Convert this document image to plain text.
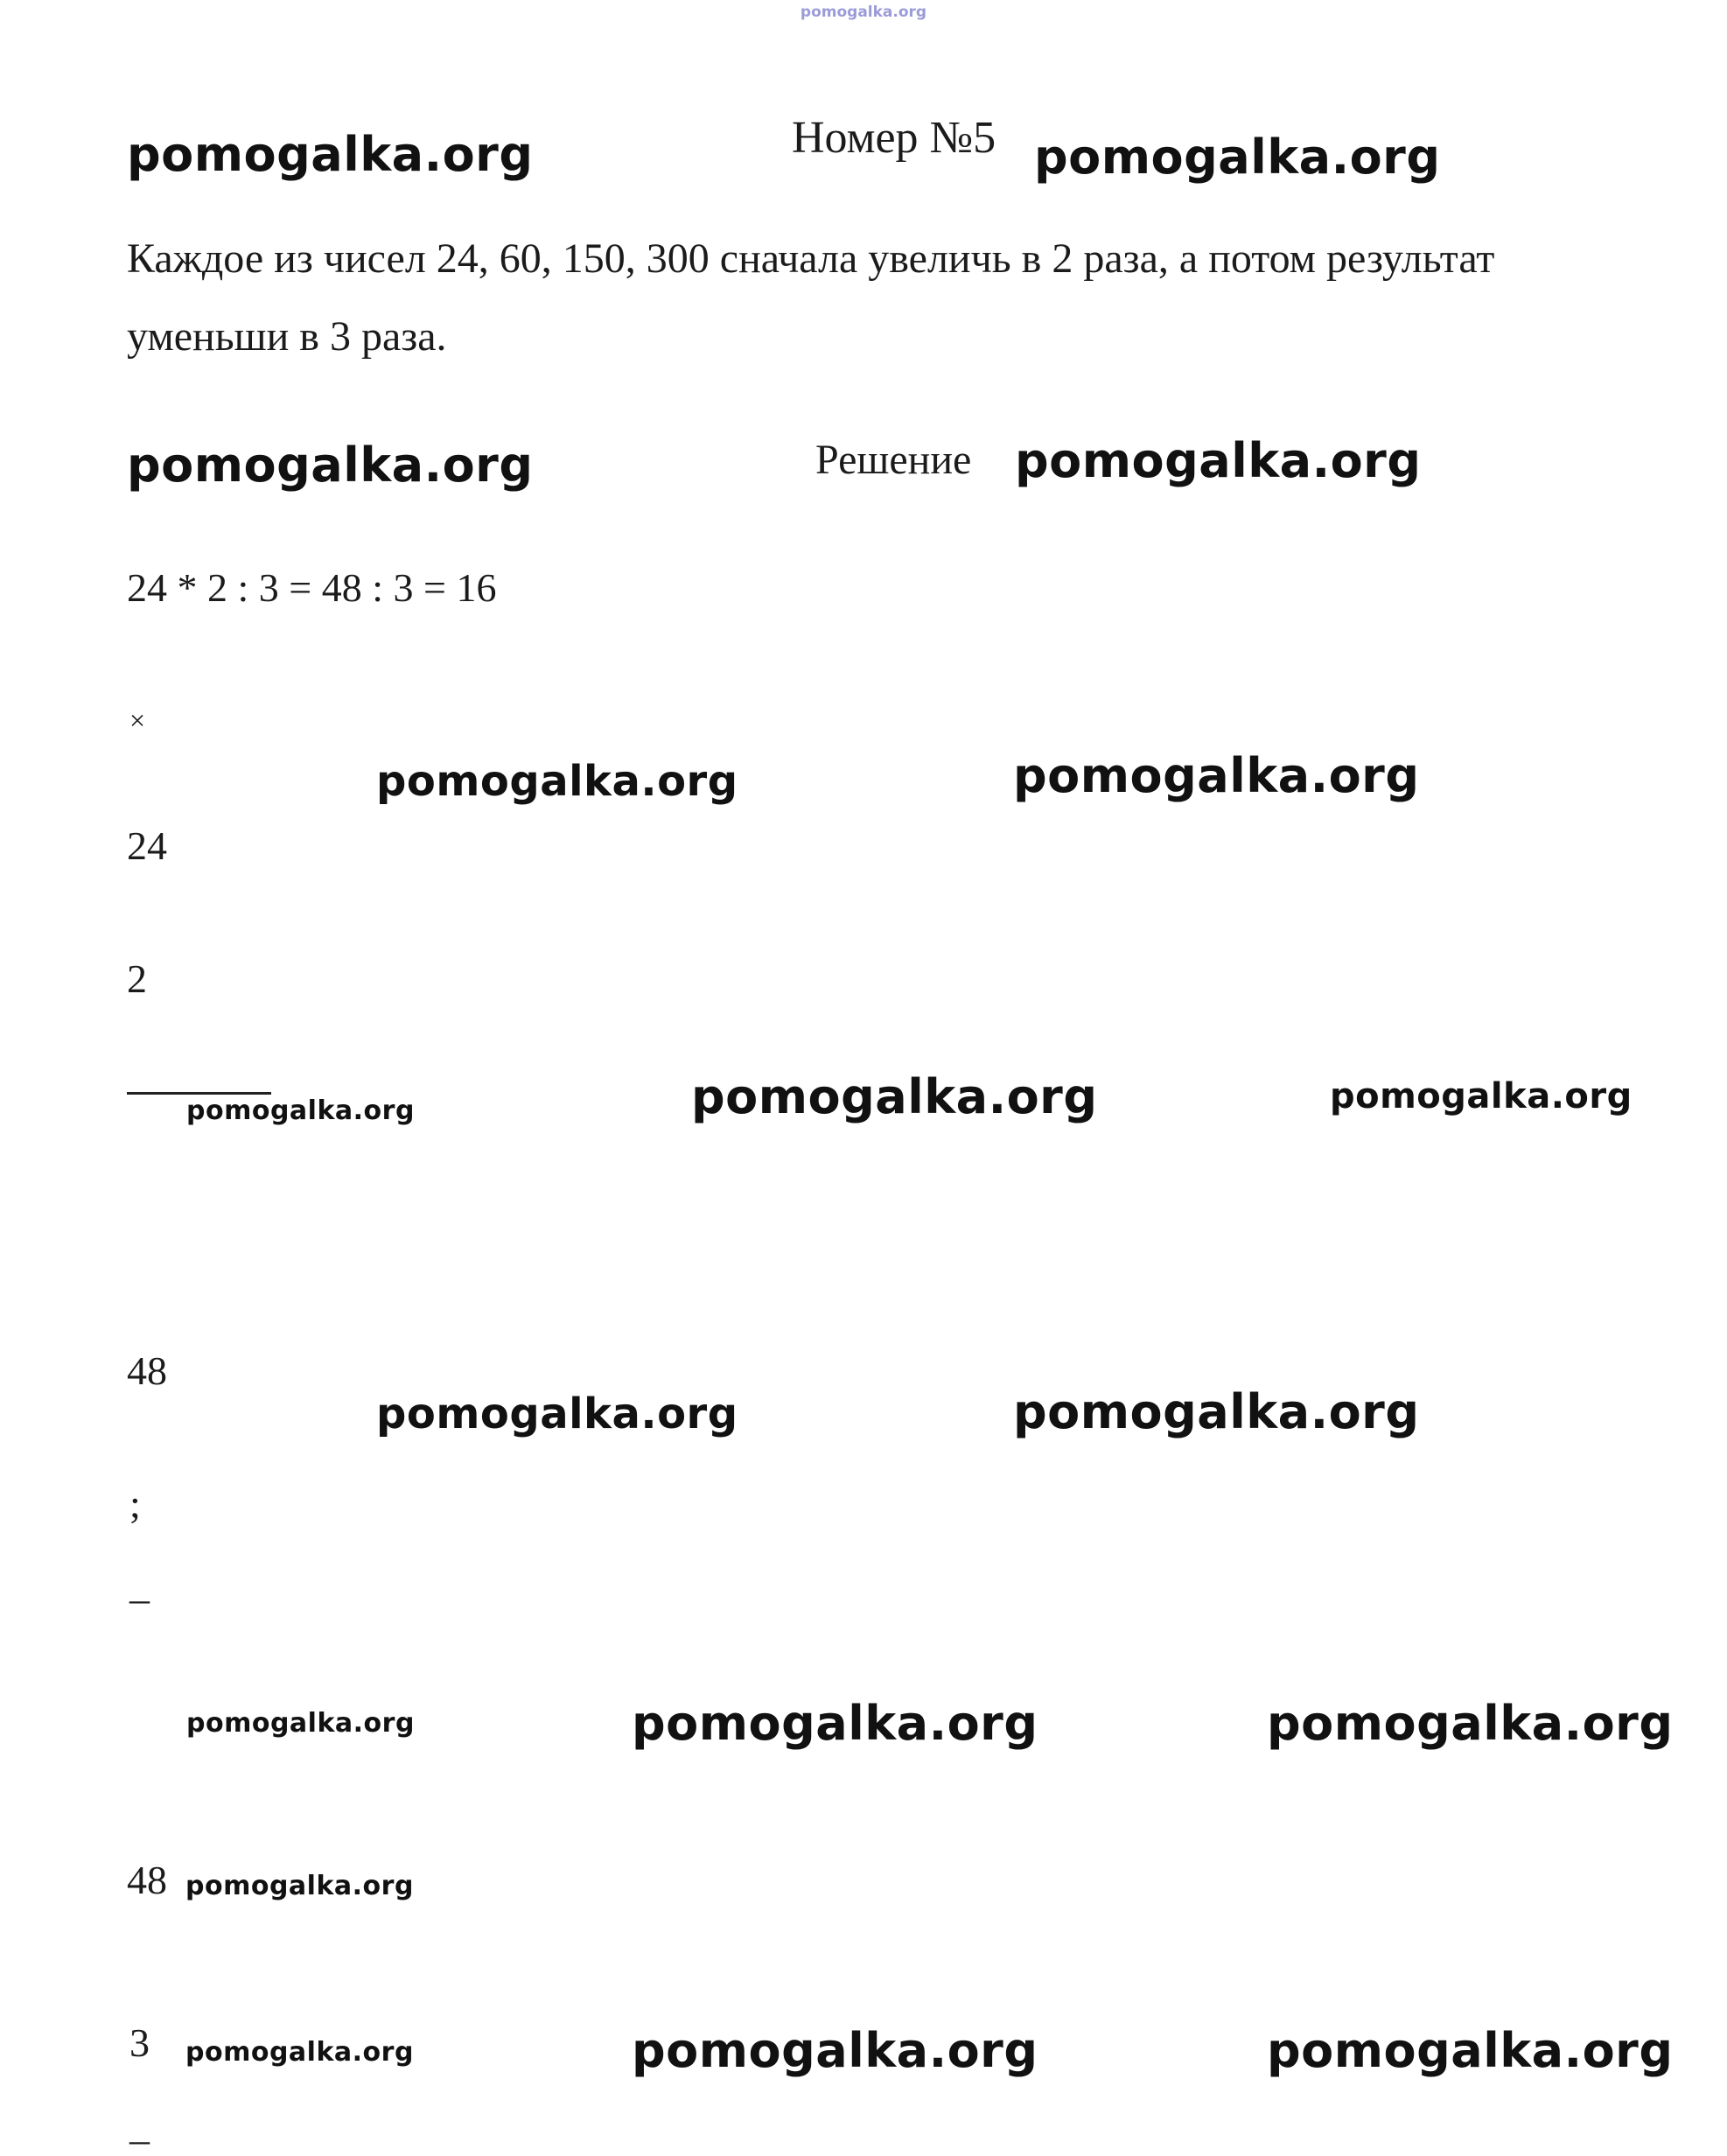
pomogalka.org
pomogalka.org	Номер №5 pomogalka.org
Каждое из чисел 24, 60, 150, 300 сначала увеличь в 2 раза, а потом результат уменьши в 3 раза.
pomogalka.org	Решение pomogalka.org
24 * 2 : 3 = 48 : 3 = 16
×
pomogalka.org	pomogalka.org
24
2
pomogalka.org	pomogalka.org	pomogalka.org
48
pomogalka.org	pomogalka.org
;
–
pomogalka.org	pomogalka.org	pomogalka.org
48 pomogalka.org
3 pomogalka.org	pomogalka.org	pomogalka.org
–
